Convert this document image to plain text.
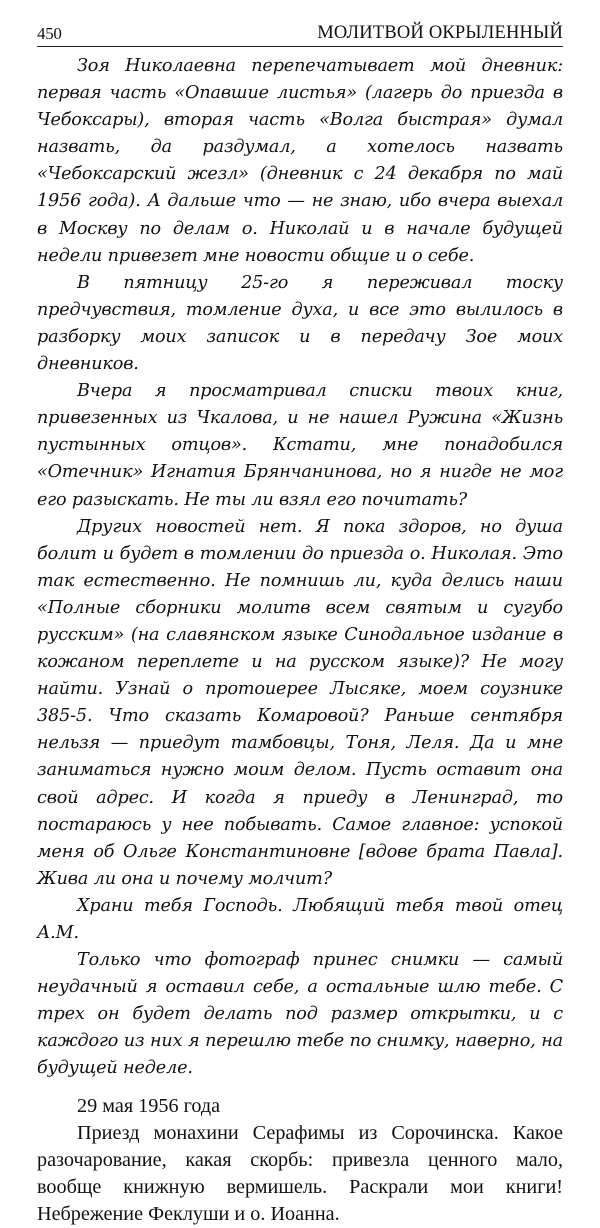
450	МОЛИТВОЙ ОКРЫЛЕННЫЙ

Зоя Николаевна перепечатывает мой дневник: первая часть «Опавшие листья» (лагерь до приезда в Чебоксары), вторая часть «Волга быстрая» думал назвать, да раздумал, а хотелось назвать «Чебоксарский жезл» (дневник с 24 декабря по май 1956 года). А дальше что — не знаю, ибо вчера выехал в Москву по делам о. Николай и в начале будущей недели привезет мне новости общие и о себе.

В пятницу 25-го я переживал тоску предчувствия, томление духа, и все это вылилось в разборку моих записок и в передачу Зое моих дневников.

Вчера я просматривал списки твоих книг, привезенных из Чкалова, и не нашел Ружина «Жизнь пустынных отцов». Кстати, мне понадобился «Отечник» Игнатия Брянчанинова, но я нигде не мог его разыскать. Не ты ли взял его почитать?

Других новостей нет. Я пока здоров, но душа болит и будет в томлении до приезда о. Николая. Это так естественно. Не помнишь ли, куда делись наши «Полные сборники молитв всем святым и сугубо русским» (на славянском языке Синодальное издание в кожаном переплете и на русском языке)? Не могу найти. Узнай о протоиерее Лысяке, моем соузнике 385-5. Что сказать Комаровой? Раньше сентября нельзя — приедут тамбовцы, Тоня, Леля. Да и мне заниматься нужно моим делом. Пусть оставит она свой адрес. И когда я приеду в Ленинград, то постараюсь у нее побывать. Самое главное: успокой меня об Ольге Константиновне [вдове брата Павла]. Жива ли она и почему молчит?

Храни тебя Господь. Любящий тебя твой отец А.М.

Только что фотограф принес снимки — самый неудачный я оставил себе, а остальные шлю тебе. С трех он будет делать под размер открытки, и с каждого из них я перешлю тебе по снимку, наверно, на будущей неделе.

29 мая 1956 года

Приезд монахини Серафимы из Сорочинска. Какое разочарование, какая скорбь: привезла ценного мало, вообще книжную вермишель. Раскрали мои книги! Небрежение Феклуши и о. Иоанна.
